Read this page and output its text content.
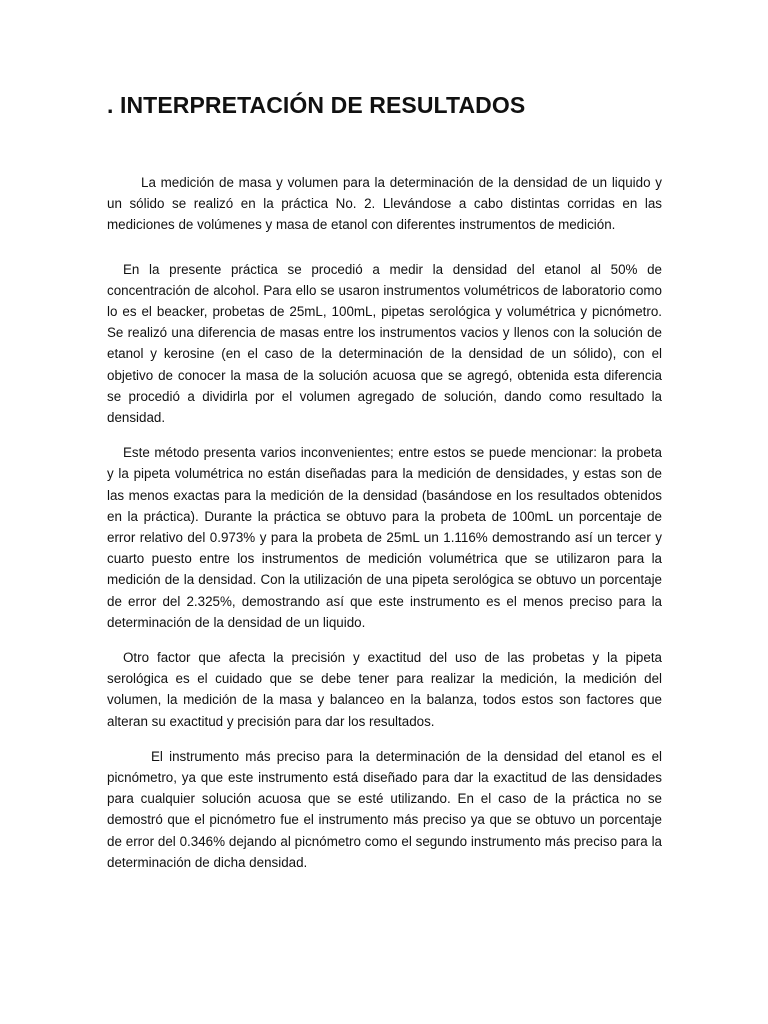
. INTERPRETACIÓN DE RESULTADOS

La medición de masa y volumen para la determinación de la densidad de un liquido y un sólido se realizó en la práctica No. 2. Llevándose a cabo distintas corridas en las mediciones de volúmenes y masa de etanol con diferentes instrumentos de medición.

En la presente práctica se procedió a medir la densidad del etanol al 50% de concentración de alcohol. Para ello se usaron instrumentos volumétricos de laboratorio como lo es el beacker, probetas de 25mL, 100mL, pipetas serológica y volumétrica y picnómetro. Se realizó una diferencia de masas entre los instrumentos vacios y llenos con la solución de etanol y kerosine (en el caso de la determinación de la densidad de un sólido), con el objetivo de conocer la masa de la solución acuosa que se agregó, obtenida esta diferencia se procedió a dividirla por el volumen agregado de solución, dando como resultado la densidad.

Este método presenta varios inconvenientes; entre estos se puede mencionar: la probeta y la pipeta volumétrica no están diseñadas para la medición de densidades, y estas son de las menos exactas para la medición de la densidad (basándose en los resultados obtenidos en la práctica). Durante la práctica se obtuvo para la probeta de 100mL un porcentaje de error relativo del 0.973% y para la probeta de 25mL un 1.116% demostrando así un tercer y cuarto puesto entre los instrumentos de medición volumétrica que se utilizaron para la medición de la densidad. Con la utilización de una pipeta serológica se obtuvo un porcentaje de error del 2.325%, demostrando así que este instrumento es el menos preciso para la determinación de la densidad de un liquido.

Otro factor que afecta la precisión y exactitud del uso de las probetas y la pipeta serológica es el cuidado que se debe tener para realizar la medición, la medición del volumen, la medición de la masa y balanceo en la balanza, todos estos son factores que alteran su exactitud y precisión para dar los resultados.

El instrumento más preciso para la determinación de la densidad del etanol es el picnómetro, ya que este instrumento está diseñado para dar la exactitud de las densidades para cualquier solución acuosa que se esté utilizando. En el caso de la práctica no se demostró que el picnómetro fue el instrumento más preciso ya que se obtuvo un porcentaje de error del 0.346% dejando al picnómetro como el segundo instrumento más preciso para la determinación de dicha densidad.
